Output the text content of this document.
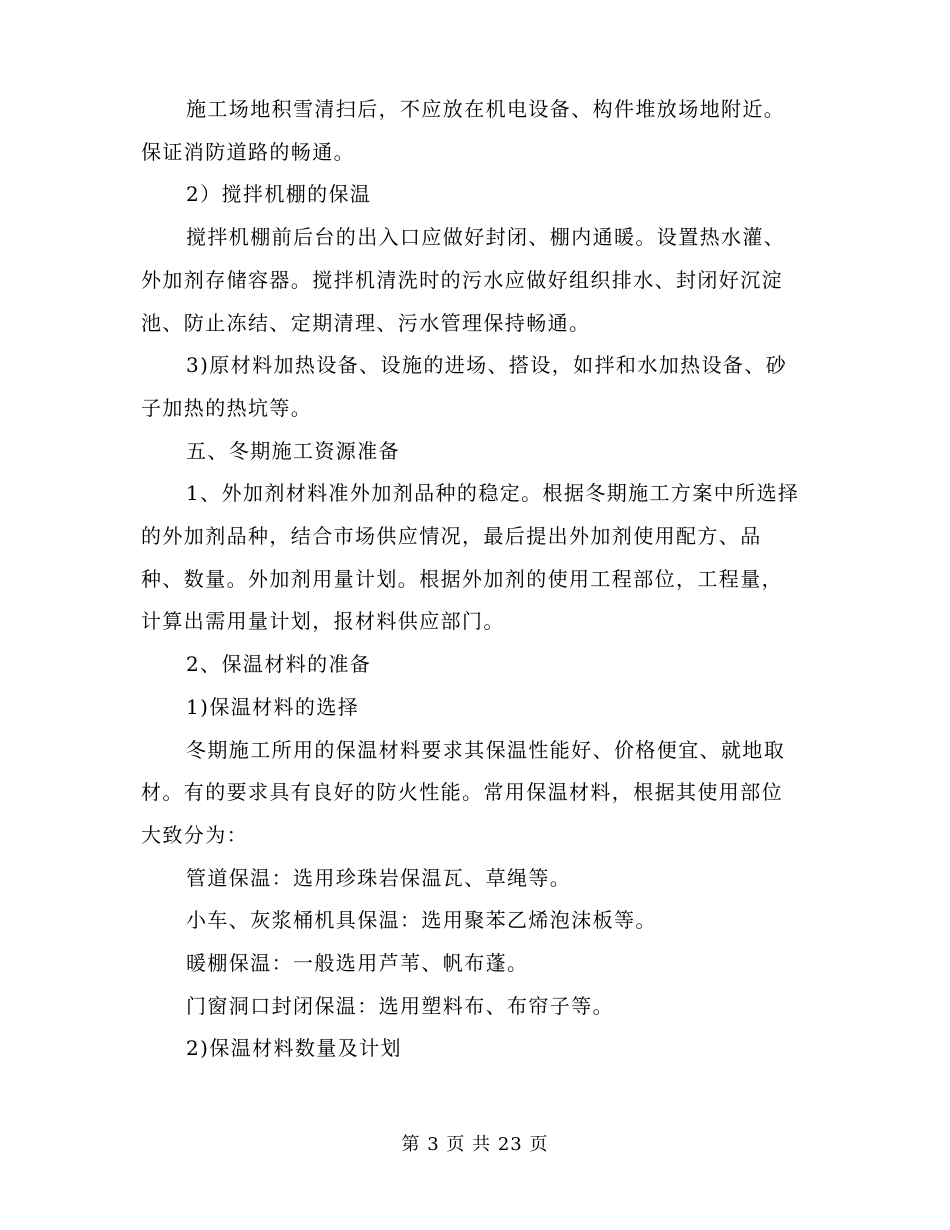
施工场地积雪清扫后，不应放在机电设备、构件堆放场地附近。
保证消防道路的畅通。

2）搅拌机棚的保温

搅拌机棚前后台的出入口应做好封闭、棚内通暖。设置热水灌、
外加剂存储容器。搅拌机清洗时的污水应做好组织排水、封闭好沉淀
池、防止冻结、定期清理、污水管理保持畅通。

3)原材料加热设备、设施的进场、搭设，如拌和水加热设备、砂
子加热的热坑等。

五、冬期施工资源准备

1、外加剂材料准外加剂品种的稳定。根据冬期施工方案中所选择
的外加剂品种，结合市场供应情况，最后提出外加剂使用配方、品
种、数量。外加剂用量计划。根据外加剂的使用工程部位，工程量，
计算出需用量计划，报材料供应部门。

2、保温材料的准备

1)保温材料的选择

冬期施工所用的保温材料要求其保温性能好、价格便宜、就地取
材。有的要求具有良好的防火性能。常用保温材料，根据其使用部位
大致分为：

管道保温：选用珍珠岩保温瓦、草绳等。

小车、灰浆桶机具保温：选用聚苯乙烯泡沫板等。

暖棚保温：一般选用芦苇、帆布蓬。

门窗洞口封闭保温：选用塑料布、布帘子等。

2)保温材料数量及计划

第 3 页 共 23 页
